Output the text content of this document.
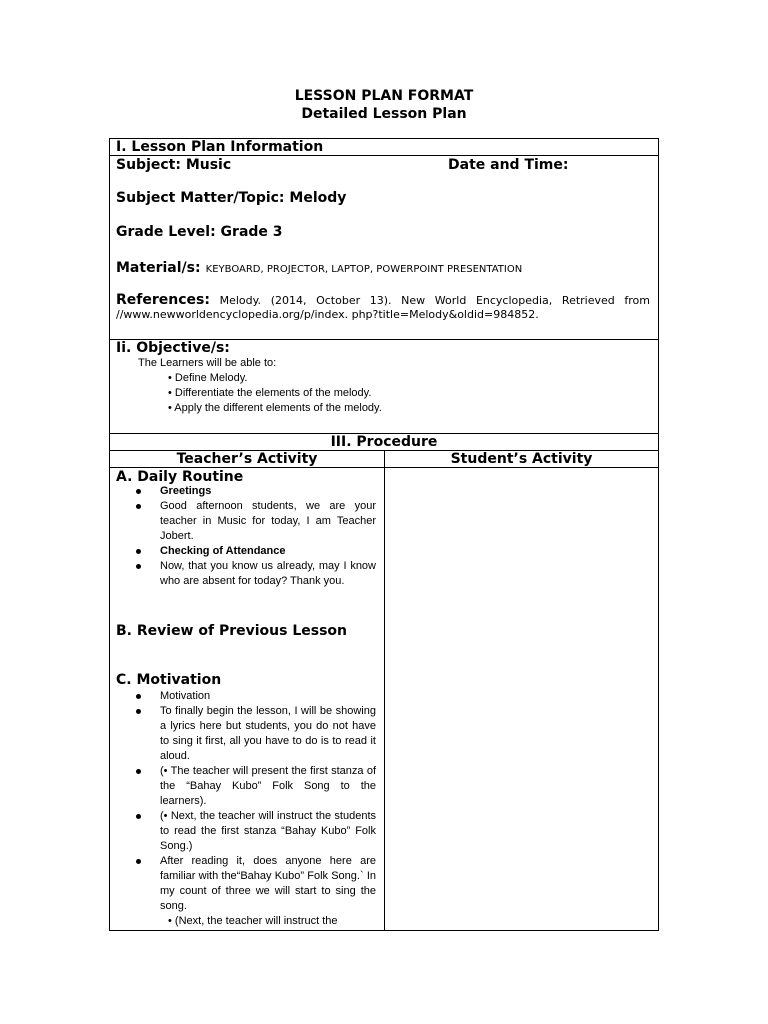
LESSON PLAN FORMAT
Detailed Lesson Plan
I. Lesson Plan Information
Subject: Music	Date and Time:
Subject Matter/Topic: Melody
Grade Level: Grade 3
Material/s: KEYBOARD, PROJECTOR, LAPTOP, POWERPOINT PRESENTATION
References: Melody. (2014, October 13). New World Encyclopedia, Retrieved from //www.newworldencyclopedia.org/p/index. php?title=Melody&oldid=984852.
Ii. Objective/s:
The Learners will be able to:
• Define Melody.
• Differentiate the elements of the melody.
• Apply the different elements of the melody.
III. Procedure
Teacher’s Activity	Student’s Activity
A. Daily Routine
Greetings
Good afternoon students, we are your teacher in Music for today, I am Teacher Jobert.
Checking of Attendance
Now, that you know us already, may I know who are absent for today? Thank you.
B. Review of Previous Lesson
C. Motivation
Motivation
To finally begin the lesson, I will be showing a lyrics here but students, you do not have to sing it first, all you have to do is to read it aloud.
(• The teacher will present the first stanza of the “Bahay Kubo” Folk Song to the learners).
(• Next, the teacher will instruct the students to read the first stanza “Bahay Kubo” Folk Song.)
After reading it, does anyone here are familiar with the“Bahay Kubo” Folk Song.` In my count of three we will start to sing the song.
• (Next, the teacher will instruct the
